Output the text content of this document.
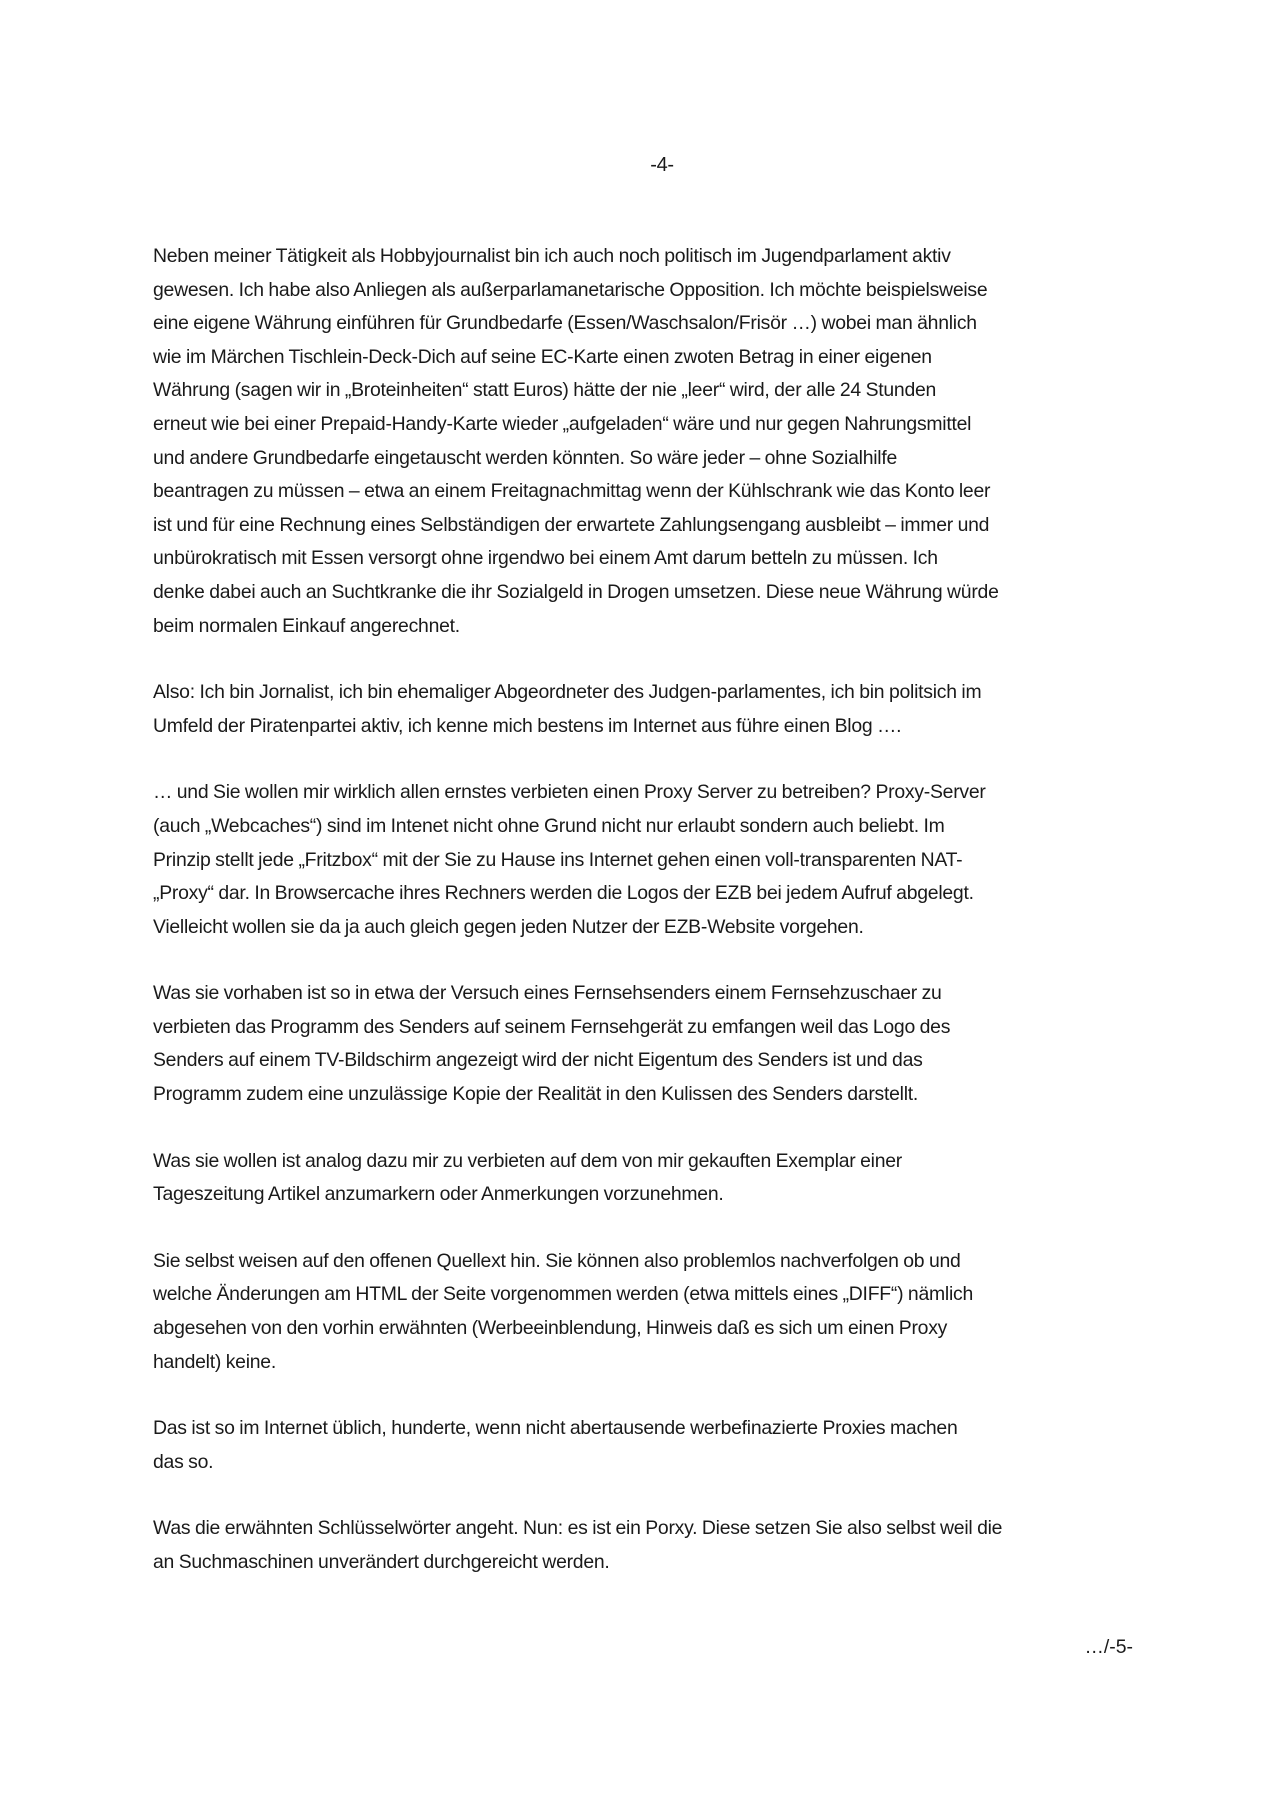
-4-

Neben meiner Tätigkeit als Hobbyjournalist bin ich auch noch politisch im Jugendparlament aktiv
gewesen. Ich habe also Anliegen als außerparlamanetarische Opposition. Ich möchte beispielsweise
eine eigene Währung einführen für Grundbedarfe (Essen/Waschsalon/Frisör …) wobei man ähnlich
wie im Märchen Tischlein-Deck-Dich auf seine EC-Karte einen zwoten Betrag in einer eigenen
Währung (sagen wir in „Broteinheiten“ statt Euros) hätte der nie „leer“ wird, der alle 24 Stunden
erneut wie bei einer Prepaid-Handy-Karte wieder „aufgeladen“ wäre und nur gegen Nahrungsmittel
und andere Grundbedarfe eingetauscht werden könnten. So wäre jeder – ohne Sozialhilfe
beantragen zu müssen – etwa an einem Freitagnachmittag wenn der Kühlschrank wie das Konto leer
ist und für eine Rechnung eines Selbständigen der erwartete Zahlungsengang ausbleibt – immer und
unbürokratisch mit Essen versorgt ohne irgendwo bei einem Amt darum betteln zu müssen. Ich
denke dabei auch an Suchtkranke die ihr Sozialgeld in Drogen umsetzen. Diese neue Währung würde
beim normalen Einkauf angerechnet.

Also: Ich bin Jornalist, ich bin ehemaliger Abgeordneter des Judgen-parlamentes, ich bin politsich im
Umfeld der Piratenpartei aktiv, ich kenne mich bestens im Internet aus führe einen Blog ….

… und Sie wollen mir wirklich allen ernstes verbieten einen Proxy Server zu betreiben? Proxy-Server
(auch „Webcaches“) sind im Intenet nicht ohne Grund nicht nur erlaubt sondern auch beliebt. Im
Prinzip stellt jede „Fritzbox“ mit der Sie zu Hause ins Internet gehen einen voll-transparenten NAT-
„Proxy“ dar. In Browsercache ihres Rechners werden die Logos der EZB bei jedem Aufruf abgelegt.
Vielleicht wollen sie da ja auch gleich gegen jeden Nutzer der EZB-Website vorgehen.

Was sie vorhaben ist so in etwa der Versuch eines Fernsehsenders einem Fernsehzuschaer zu
verbieten das Programm des Senders auf seinem Fernsehgerät zu emfangen weil das Logo des
Senders auf einem TV-Bildschirm angezeigt wird der nicht Eigentum des Senders ist und das
Programm zudem eine unzulässige Kopie der Realität in den Kulissen des Senders darstellt.

Was sie wollen ist analog dazu mir zu verbieten auf dem von mir gekauften Exemplar einer
Tageszeitung Artikel anzumarkern oder Anmerkungen vorzunehmen.

Sie selbst weisen auf den offenen Quellext hin. Sie können also problemlos nachverfolgen ob und
welche Änderungen am HTML der Seite vorgenommen werden (etwa mittels eines „DIFF“) nämlich
abgesehen von den vorhin erwähnten (Werbeeinblendung, Hinweis daß es sich um einen Proxy
handelt) keine.

Das ist so im Internet üblich, hunderte, wenn nicht abertausende werbefinazierte Proxies machen
das so.

Was die erwähnten Schlüsselwörter angeht. Nun: es ist ein Porxy. Diese setzen Sie also selbst weil die
an Suchmaschinen unverändert durchgereicht werden.

…/-5-
